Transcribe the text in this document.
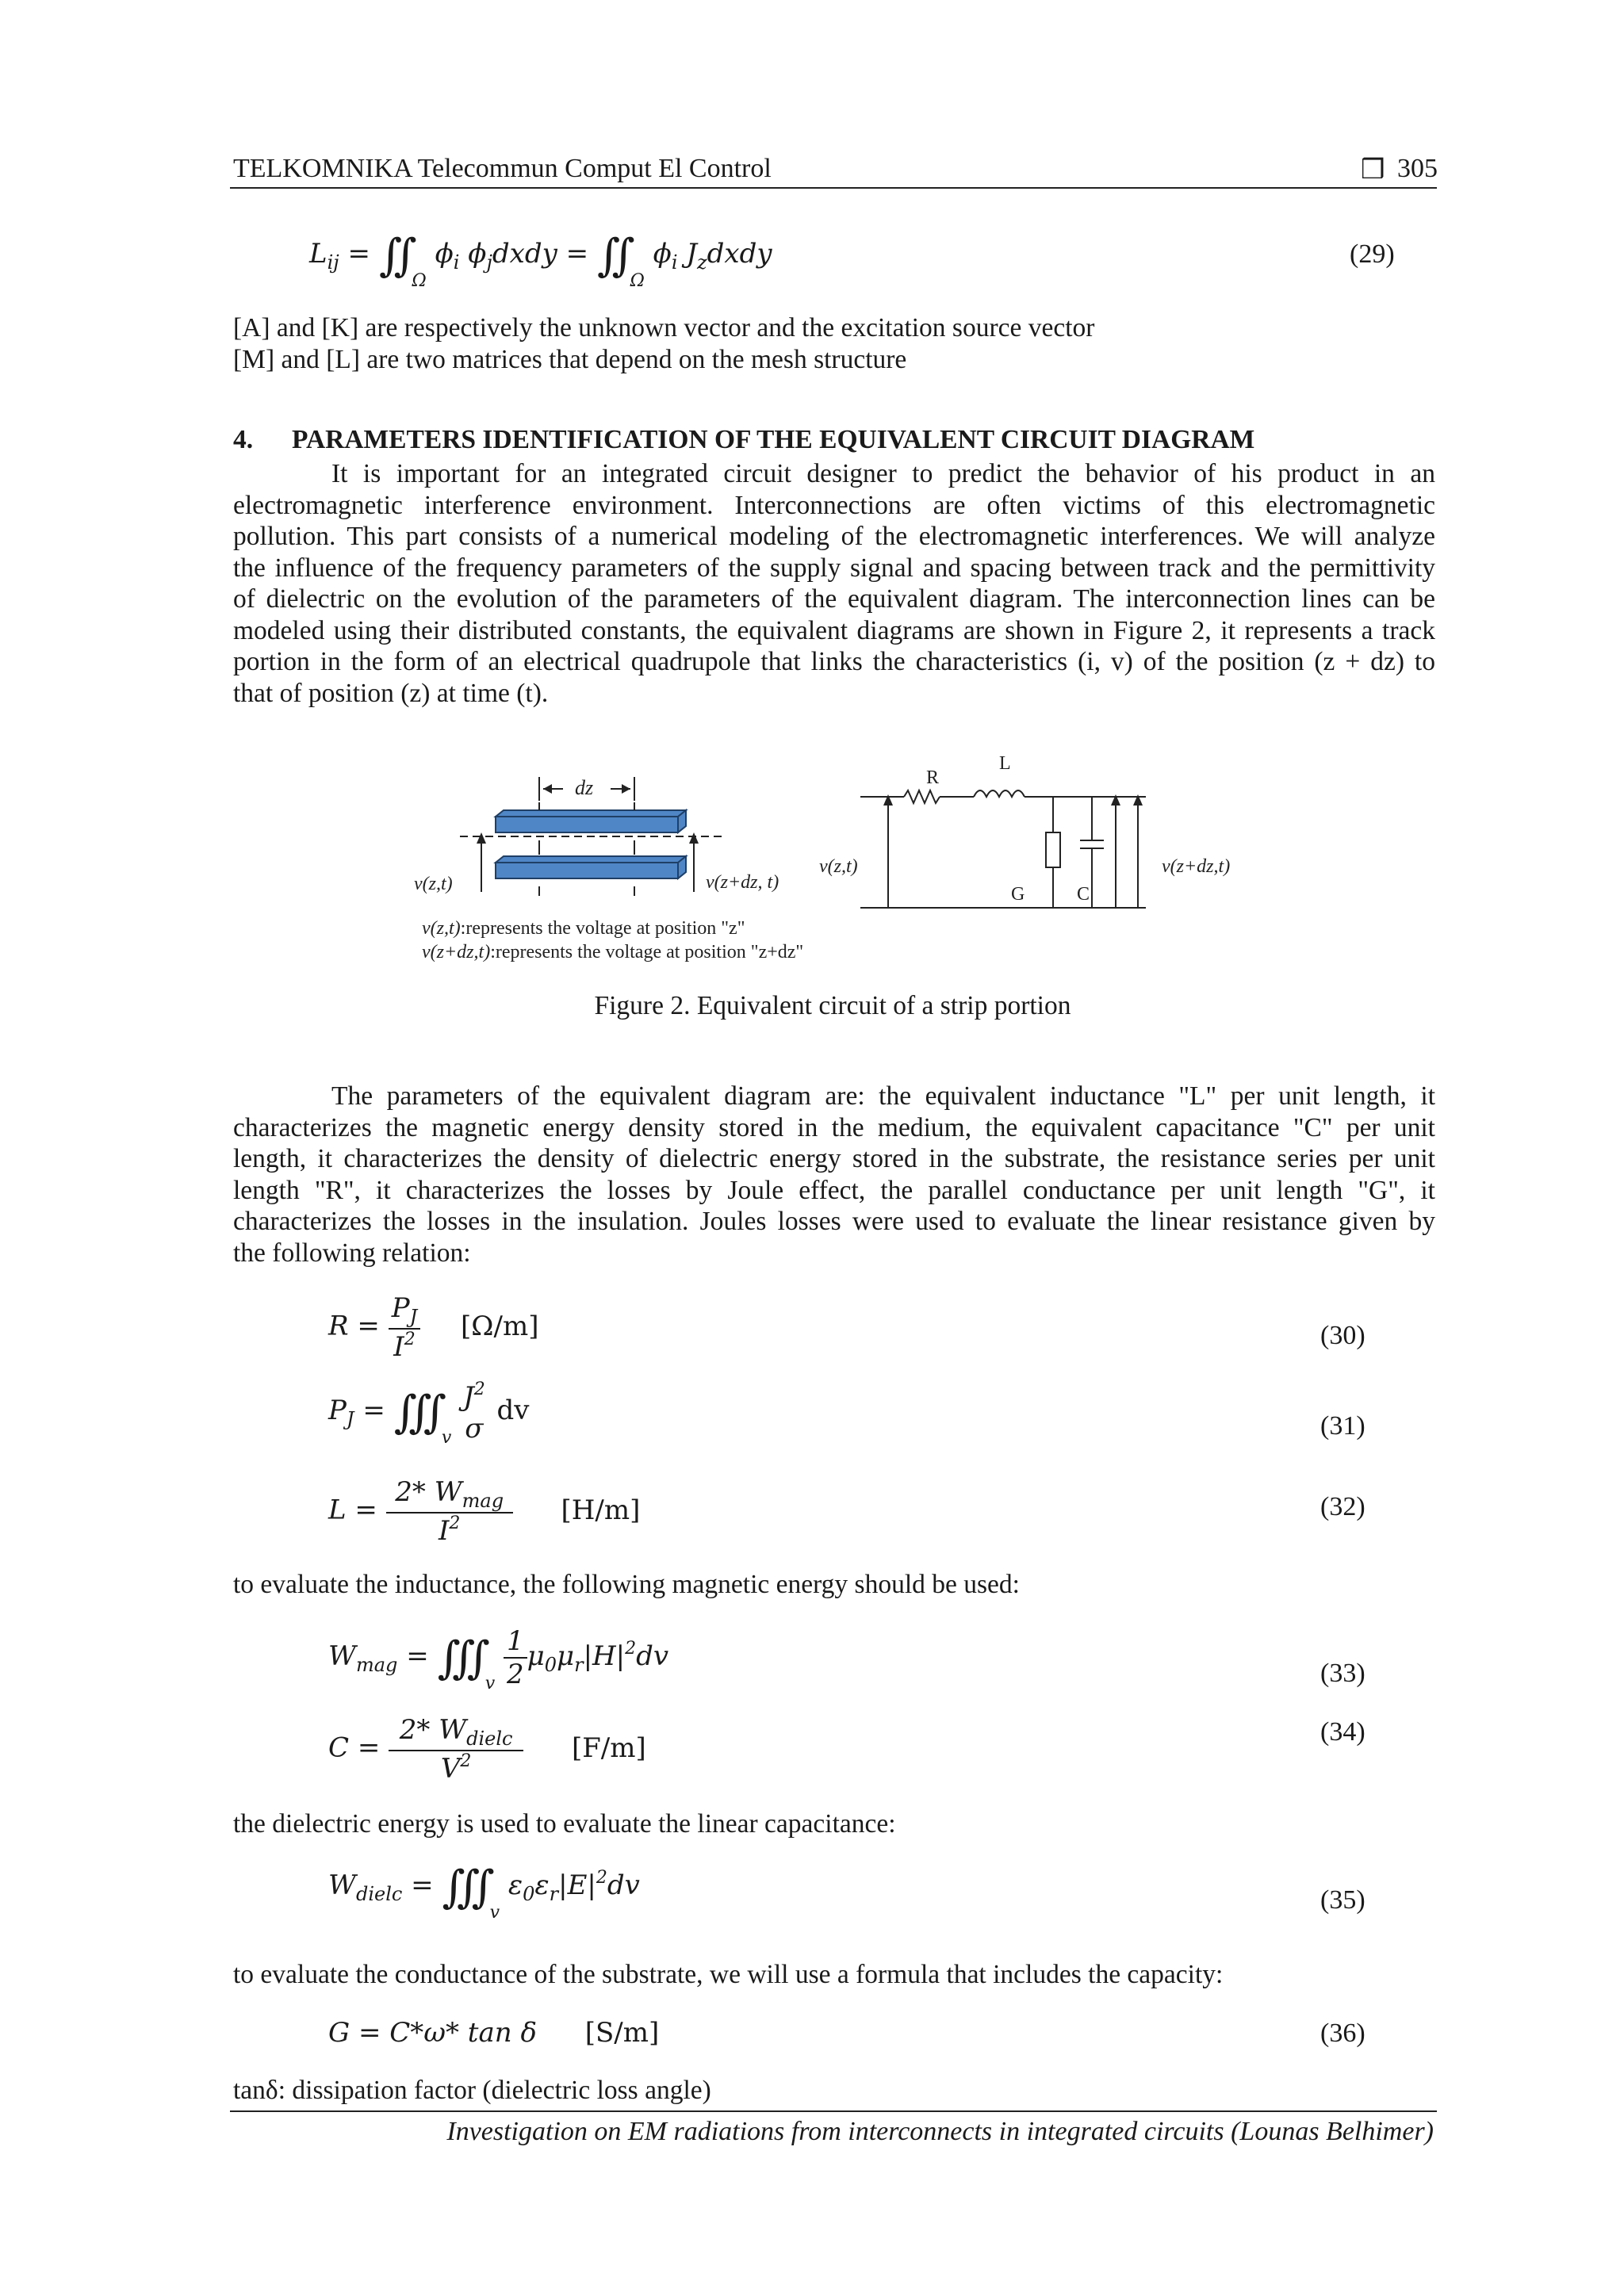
TELKOMNIKA Telecommun Comput El Control	❒ 305
$L_{ij}$ = $∬_\Omega$ $\phi_i$ $\phi_jdxdy$ = $∬_\Omega$ $\phi_i$ $J_zdxdy$	(29)
[A] and [K] are respectively the unknown vector and the excitation source vector
[M] and [L] are two matrices that depend on the mesh structure
4. PARAMETERS IDENTIFICATION OF THE EQUIVALENT CIRCUIT DIAGRAM
It is important for an integrated circuit designer to predict the behavior of his product in an
electromagnetic interference environment. Interconnections are often victims of this electromagnetic
pollution. This part consists of a numerical modeling of the electromagnetic interferences. We will analyze
the influence of the frequency parameters of the supply signal and spacing between track and the permittivity
of dielectric on the evolution of the parameters of the equivalent diagram. The interconnection lines can be
modeled using their distributed constants, the equivalent diagrams are shown in Figure 2, it represents a track
portion in the form of an electrical quadrupole that links the characteristics (i, v) of the position (z + dz) to
that of position (z) at time (t).
dz
v(z,t)	v(z+dz, t)
R
L
G	C
v(z,t)	v(z+dz,t)
v(z,t):represents the voltage at position "z"
v(z+dz,t):represents the voltage at position "z+dz"
Figure 2. Equivalent circuit of a strip portion
The parameters of the equivalent diagram are: the equivalent inductance "L" per unit length, it
characterizes the magnetic energy density stored in the medium, the equivalent capacitance "C" per unit
length, it characterizes the density of dielectric energy stored in the substrate, the resistance series per unit
length "R", it characterizes the losses by Joule effect, the parallel conductance per unit length "G", it
characterizes the losses in the insulation. Joules losses were used to evaluate the linear resistance given by
the following relation:
$R = \frac{P_J}{I^2} [\Omega/m]$	(30)
$P_J$ = $∭_v$
$J^2$
σ
dv	(31)
$L = \frac{2* W_{mag}}{I^2} [H/m]$	(32)
to evaluate the inductance, the following magnetic energy should be used:
$W_{mag}$ = $∭_v \frac{1}{2} \mu_0\mu_r|H|^2dv$
(33)
$C = \frac{2* W_{dielc}}{V^2} [F/m]$	(34)
the dielectric energy is used to evaluate the linear capacitance:
$W_{dielc}$ = $∭_v$ $\varepsilon_0\varepsilon_r|E|^2dv$	(35)
to evaluate the conductance of the substrate, we will use a formula that includes the capacity:
G = C*ω* tan δ [S/m]	(36)
tanδ: dissipation factor (dielectric loss angle)
Investigation on EM radiations from interconnects in integrated circuits (Lounas Belhimer)
